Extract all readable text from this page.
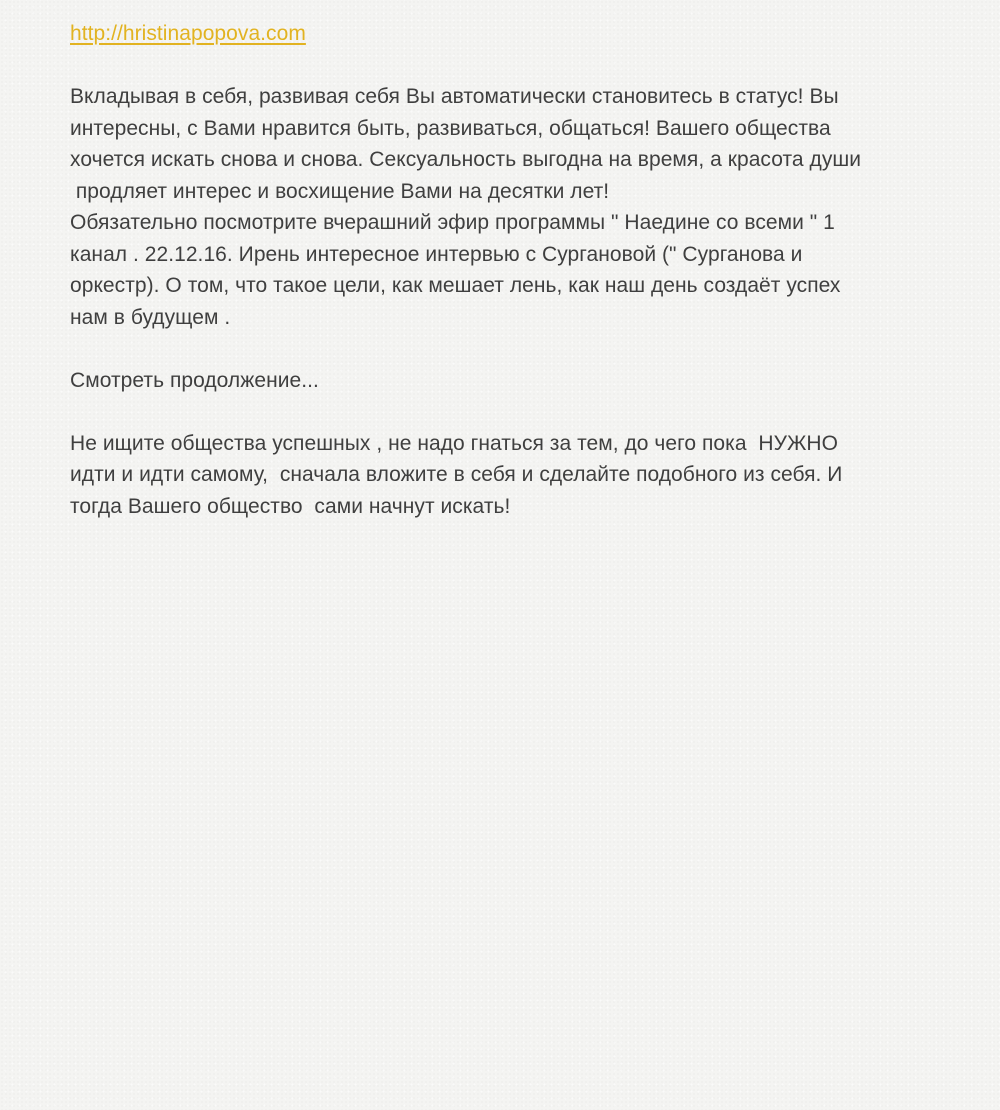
http://hristinapopova.com
Вкладывая в себя, развивая себя Вы автоматически становитесь в статус! Вы
интересны, с Вами нравится быть, развиваться, общаться! Вашего общества
хочется искать снова и снова. Сексуальность выгодна на время, а красота души
продляет интерес и восхищение Вами на десятки лет!
Обязательно посмотрите вчерашний эфир программы " Наедине со всеми " 1
канал . 22.12.16. Ирень интересное интервью с Сургановой (" Сурганова и
оркестр). О том, что такое цели, как мешает лень, как наш день создаёт успех
нам в будущем .
Смотреть продолжение...
Не ищите общества успешных , не надо гнаться за тем, до чего пока  НУЖНО
идти и идти самому,  сначала вложите в себя и сделайте подобного из себя. И
тогда Вашего общество  сами начнут искать!
